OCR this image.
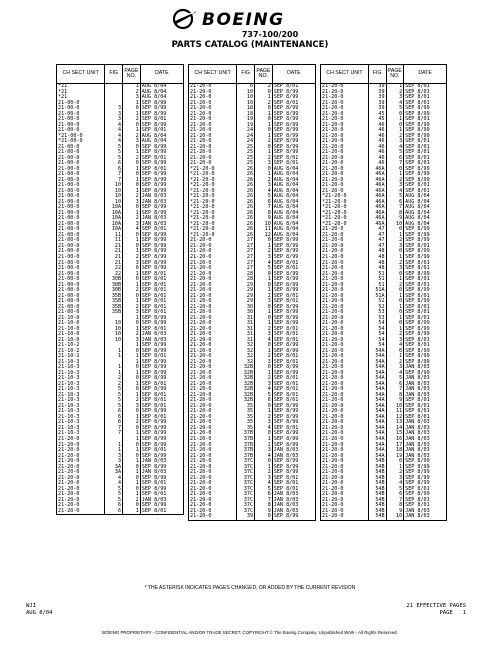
BOEING
737-100/200
PARTS CATALOG (MAINTENANCE)
CH SECT UNIT	FIG	PAGE NO.	DATE
*21		1	AUG 8/04
*21		2	AUG 8/04
*21		3	AUG 8/04
21-00-0		1	SEP 8/99
21-00-0	3	0	SEP 8/99
21-00-0	3	1	SEP 8/99
21-00-0	3	2	SEP 8/01
21-00-0	4	0	SEP 8/99
21-00-0	4	1	SEP 8/01
*21-00-0	4	2	AUG 8/04
*21-00-0	4	3	AUG 8/04
21-00-0	5	0	SEP 8/99
21-00-0	5	1	SEP 8/99
21-00-0	5	2	SEP 8/01
21-00-0	6	0	SEP 8/99
21-00-0	6	1	SEP 8/01
21-00-0	7	0	SEP 8/99
21-00-0	7	1	SEP 8/99
21-00-0	10	0	SEP 8/99
21-00-0	10	1	SEP 8/99
21-00-0	10	2	JAN 8/03
21-00-0	10	3	JAN 8/03
21-00-0	10A	0	SEP 8/99
21-00-0	10A	1	SEP 8/99
21-00-0	10A	2	JAN 8/03
21-00-0	10A	3	JAN 8/03
21-00-0	10A	4	SEP 8/01
21-00-0	11	0	SEP 8/99
21-00-0	11	1	SEP 8/99
21-00-0	21	0	SEP 8/99
21-00-0	21	1	SEP 8/99
21-00-0	21	2	SEP 8/99
21-00-0	21	3	SEP 8/99
21-00-0	22	0	SEP 8/99
21-00-0	22	1	SEP 8/01
21-00-0	30B	0	SEP 8/01
21-00-0	30B	1	SEP 8/01
21-00-0	30B	2	SEP 8/01
21-00-0	35B	0	SEP 8/01
21-00-0	35B	1	SEP 8/01
21-00-0	35B	2	SEP 8/01
21-00-0	35B	3	SEP 8/01
21-10-0		1	SEP 8/99
21-10-0	10	0	SEP 8/99
21-10-0	10	1	SEP 8/01
21-10-0	10	2	JAN 8/03
21-10-0	10	3	JAN 8/03
21-10-2		1	SEP 8/99
21-10-2	1	0	SEP 8/99
21-10-2	1	1	SEP 8/01
21-10-3		1	SEP 8/99
21-10-3	1	0	SEP 8/99
21-10-3	1	1	SEP 8/99
21-10-3	2	0	SEP 8/99
21-10-3	2	1	SEP 8/01
21-10-3	5	0	SEP 8/99
21-10-3	5	1	SEP 8/01
21-10-3	5	2	SEP 8/01
21-10-3	5	3	SEP 8/01
21-10-3	6	0	SEP 8/99
21-10-3	6	1	SEP 8/01
21-10-3	6	2	SEP 8/99
21-10-3	7	0	SEP 8/99
21-10-3	7	1	SEP 8/99
21-20-0		1	SEP 8/99
21-20-0	1	0	SEP 8/99
21-20-0	1	1	SEP 8/01
21-20-0	3	0	SEP 8/99
21-20-0	3	1	JAN 8/03
21-20-0	3A	0	SEP 8/99
21-20-0	3A	1	JAN 8/03
21-20-0	4	0	SEP 8/99
21-20-0	4	1	SEP 8/01
21-20-0	5	0	SEP 8/99
21-20-0	5	1	SEP 8/01
21-20-0	5	2	JAN 8/03
21-20-0	6	0	SEP 8/99
21-20-0	6	1	SEP 8/01
CH SECT UNIT	FIG	PAGE NO.	DATE
21-20-0	6	2	SEP 8/01
21-20-0	10	0	SEP 8/99
21-20-0	10	1	SEP 8/99
21-20-0	10	2	SEP 8/01
21-20-0	18	0	SEP 8/99
21-20-0	18	1	SEP 8/99
21-20-0	19	0	SEP 8/99
21-20-0	19	1	SEP 8/99
21-20-0	24	0	SEP 8/99
21-20-0	24	1	SEP 8/99
21-20-0	24	2	SEP 8/99
21-20-0	25	0	SEP 8/99
21-20-0	25	1	SEP 8/99
21-20-0	25	2	SEP 8/01
21-20-0	25	3	SEP 8/01
*21-20-0	26	0	AUG 8/04
*21-20-0	26	1	AUG 8/04
*21-20-0	26	2	AUG 8/04
*21-20-0	26	3	AUG 8/04
*21-20-0	26	4	AUG 8/04
*21-20-0	26	5	AUG 8/04
*21-20-0	26	6	AUG 8/04
*21-20-0	26	7	AUG 8/04
*21-20-0	26	8	AUG 8/04
*21-20-0	26	9	AUG 8/04
*21-20-0	26	10	AUG 8/04
*21-20-0	26	11	AUG 8/04
*21-20-0	26	12	AUG 8/04
21-20-0	27	0	SEP 8/99
21-20-0	27	1	SEP 8/99
21-20-0	27	2	SEP 8/99
21-20-0	27	3	SEP 8/99
21-20-0	27	4	SEP 8/01
21-20-0	27	5	SEP 8/01
21-20-0	28	0	SEP 8/99
21-20-0	28	1	SEP 8/99
21-20-0	29	0	SEP 8/99
21-20-0	29	1	SEP 8/99
21-20-0	29	2	SEP 8/01
21-20-0	29	3	SEP 8/01
21-20-0	30	0	SEP 8/99
21-20-0	30	1	SEP 8/99
21-20-0	31	0	SEP 8/99
21-20-0	31	1	SEP 8/99
21-20-0	31	2	SEP 8/01
21-20-0	31	3	SEP 8/01
21-20-0	31	4	SEP 8/01
21-20-0	32	0	SEP 8/99
21-20-0	32	1	SEP 8/99
21-20-0	32	2	SEP 8/01
21-20-0	32	3	SEP 8/01
21-20-0	32B	0	SEP 8/99
21-20-0	32B	1	SEP 8/99
21-20-0	32B	2	SEP 8/01
21-20-0	32B	3	SEP 8/01
21-20-0	32B	4	SEP 8/01
21-20-0	32B	5	SEP 8/01
21-20-0	32B	6	SEP 8/01
21-20-0	35	0	SEP 8/99
21-20-0	35	1	SEP 8/99
21-20-0	35	2	SEP 8/99
21-20-0	35	3	SEP 8/99
21-20-0	35	4	SEP 8/01
21-20-0	37B	0	SEP 8/99
21-20-0	37B	1	SEP 8/99
21-20-0	37B	2	SEP 8/99
21-20-0	37B	3	JAN 8/03
21-20-0	37B	4	JAN 8/03
21-20-0	37C	0	SEP 8/99
21-20-0	37C	1	SEP 8/99
21-20-0	37C	2	SEP 8/99
21-20-0	37C	3	SEP 8/01
21-20-0	37C	4	SEP 8/01
21-20-0	37C	5	SEP 8/01
21-20-0	37C	6	JAN 8/03
21-20-0	37C	7	JAN 8/03
21-20-0	37C	8	JAN 8/03
21-20-0	37C	9	JAN 8/03
21-20-0	39	0	SEP 8/99
CH SECT UNIT	FIG	PAGE NO.	DATE
21-20-0	39	1	SEP 8/01
21-20-0	39	2	SEP 8/01
21-20-0	39	3	SEP 8/01
21-20-0	39	4	SEP 8/01
21-20-0	39	5	SEP 8/99
21-20-0	45	0	SEP 8/99
21-20-0	45	1	SEP 8/01
21-20-0	46	0	SEP 8/99
21-20-0	46	1	SEP 8/99
21-20-0	46	2	SEP 8/99
21-20-0	46	3	SEP 8/01
21-20-0	46	4	SEP 8/01
21-20-0	46	5	SEP 8/01
21-20-0	46	6	SEP 8/01
21-20-0	46	7	SEP 8/01
21-20-0	46A	0	SEP 8/99
21-20-0	46A	1	SEP 8/99
21-20-0	46A	2	SEP 8/99
21-20-0	46A	3	SEP 8/01
21-20-0	46A	4	SEP 8/01
*21-20-0	46A	5	AUG 8/04
*21-20-0	46A	6	AUG 8/04
*21-20-0	46A	7	AUG 8/04
*21-20-0	46A	8	AUG 8/04
*21-20-0	46A	9	AUG 8/04
*21-20-0	46A	10	AUG 8/04
21-20-0	47	0	SEP 8/99
21-20-0	47	1	SEP 8/99
21-20-0	47	2	SEP 8/99
21-20-0	47	3	SEP 8/01
21-20-0	48	0	SEP 8/99
21-20-0	48	1	SEP 8/99
21-20-0	48	2	SEP 8/01
21-20-0	48	3	SEP 8/01
21-20-0	51	0	SEP 8/99
21-20-0	51	1	SEP 8/01
21-20-0	51	2	SEP 8/01
21-20-0	51A	0	SEP 8/99
21-20-0	51A	1	SEP 8/01
21-20-0	52	0	SEP 8/99
21-20-0	52	1	SEP 8/01
21-20-0	53	0	SEP 8/01
21-20-0	53	1	SEP 8/01
21-20-0	54	0	SEP 8/99
21-20-0	54	1	SEP 8/99
21-20-0	54	2	SEP 8/99
21-20-0	54	3	SEP 8/01
21-20-0	54	4	SEP 8/01
21-20-0	54A	0	SEP 8/99
21-20-0	54A	1	SEP 8/99
21-20-0	54A	2	SEP 8/99
21-20-0	54A	3	JAN 8/03
21-20-0	54A	4	SEP 8/99
21-20-0	54A	5	JAN 8/03
21-20-0	54A	6	JAN 8/03
21-20-0	54A	7	JAN 8/03
21-20-0	54A	8	JAN 8/03
21-20-0	54A	9	SEP 8/01
21-20-0	54A	10	SEP 8/01
21-20-0	54A	11	SEP 8/01
21-20-0	54A	12	SEP 8/01
21-20-0	54A	13	JAN 8/03
21-20-0	54A	14	JAN 8/03
21-20-0	54A	15	JAN 8/03
21-20-0	54A	16	JAN 8/03
21-20-0	54A	17	JAN 8/03
21-20-0	54A	18	JAN 8/03
21-20-0	54A	19	JAN 8/03
21-20-0	54B	0	SEP 8/99
21-20-0	54B	1	SEP 8/99
21-20-0	54B	2	SEP 8/99
21-20-0	54B	3	SEP 8/99
21-20-0	54B	4	SEP 8/99
21-20-0	54B	5	SEP 8/01
21-20-0	54B	6	SEP 8/99
21-20-0	54B	7	SEP 8/01
21-20-0	54B	8	SEP 8/01
21-20-0	54B	9	JAN 8/03
21-20-0	54B	10	JAN 8/03
* THE ASTERISK INDICATES PAGES CHANGED, OR ADDED BY THE CURRENT REVISION
WJI
AUG 8/04
21 EFFECTIVE PAGES
PAGE 1
BOEING PROPRIETARY - CONFIDENTIAL AND/OR TRADE SECRET. COPYRIGHT © The Boeing Company. Unpublished Work - All Rights Reserved.
